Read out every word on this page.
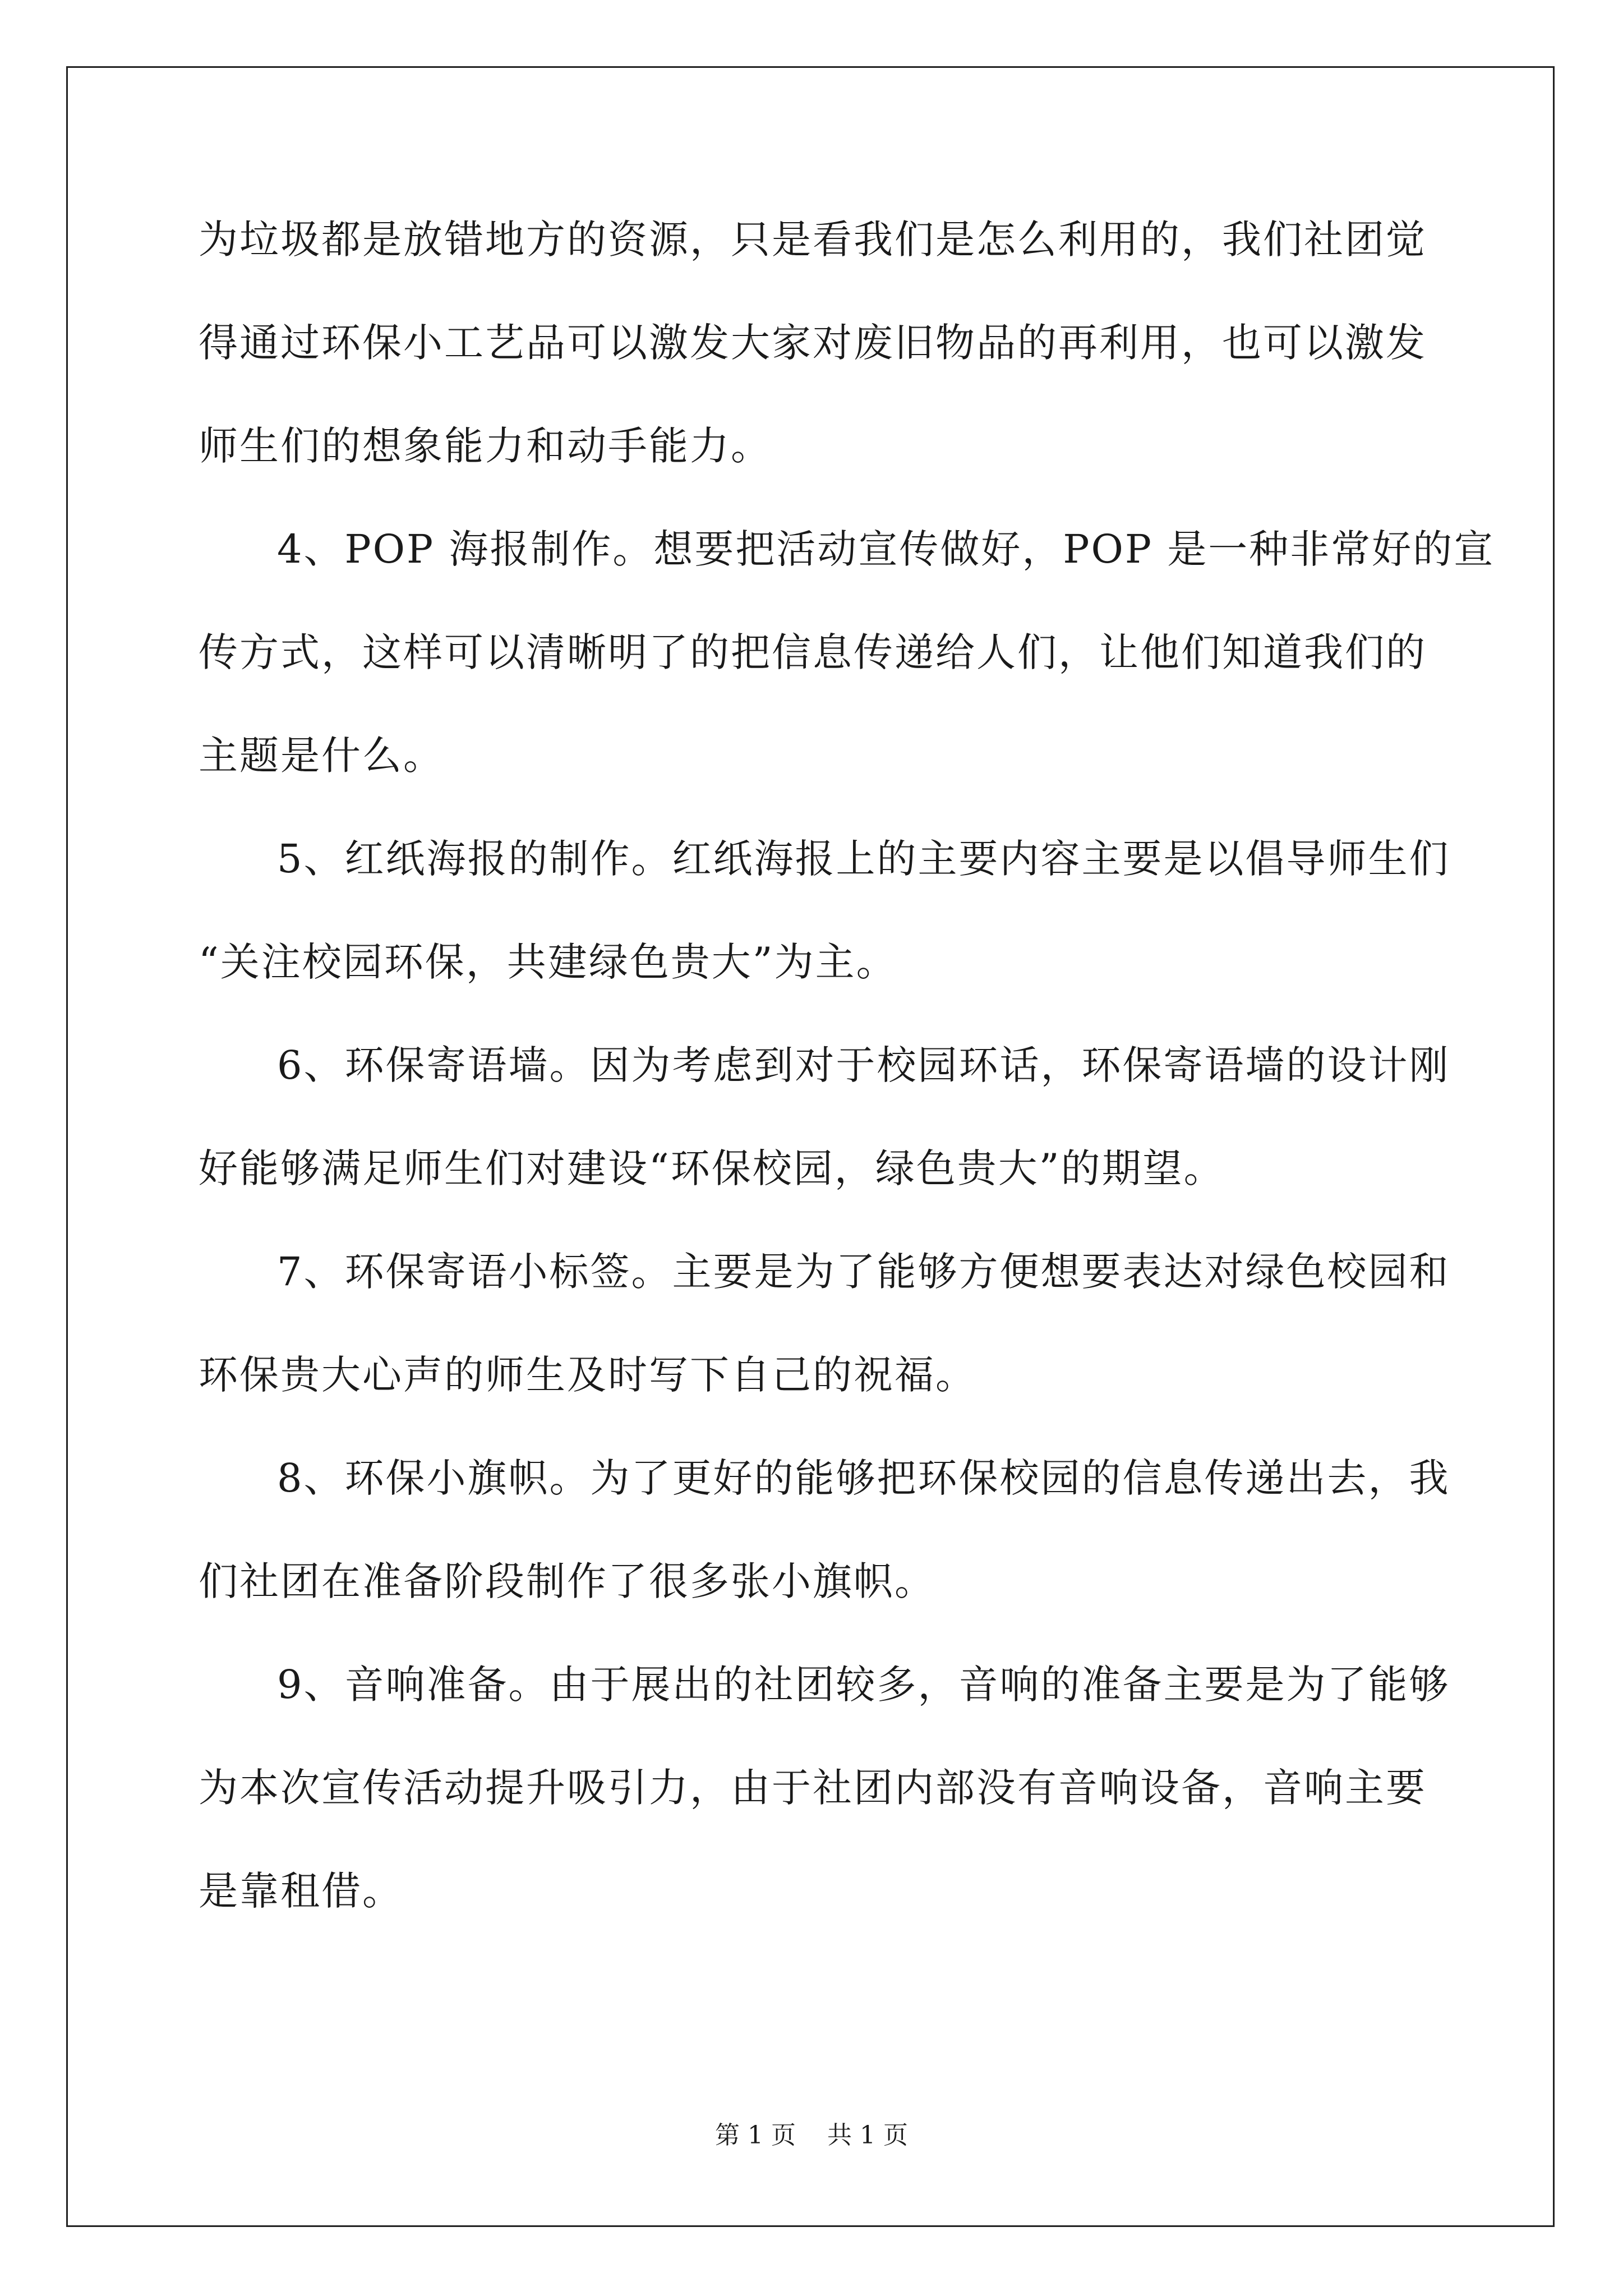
为垃圾都是放错地方的资源，只是看我们是怎么利用的，我们社团觉
得通过环保小工艺品可以激发大家对废旧物品的再利用，也可以激发
师生们的想象能力和动手能力。
4、POP 海报制作。想要把活动宣传做好，POP 是一种非常好的宣
传方式，这样可以清晰明了的把信息传递给人们，让他们知道我们的
主题是什么。
5、红纸海报的制作。红纸海报上的主要内容主要是以倡导师生们
“关注校园环保，共建绿色贵大”为主。
6、环保寄语墙。因为考虑到对于校园环话，环保寄语墙的设计刚
好能够满足师生们对建设“环保校园，绿色贵大”的期望。
7、环保寄语小标签。主要是为了能够方便想要表达对绿色校园和
环保贵大心声的师生及时写下自己的祝福。
8、环保小旗帜。为了更好的能够把环保校园的信息传递出去，我
们社团在准备阶段制作了很多张小旗帜。
9、音响准备。由于展出的社团较多，音响的准备主要是为了能够
为本次宣传活动提升吸引力，由于社团内部没有音响设备，音响主要
是靠租借。
第 1 页 共 1 页
